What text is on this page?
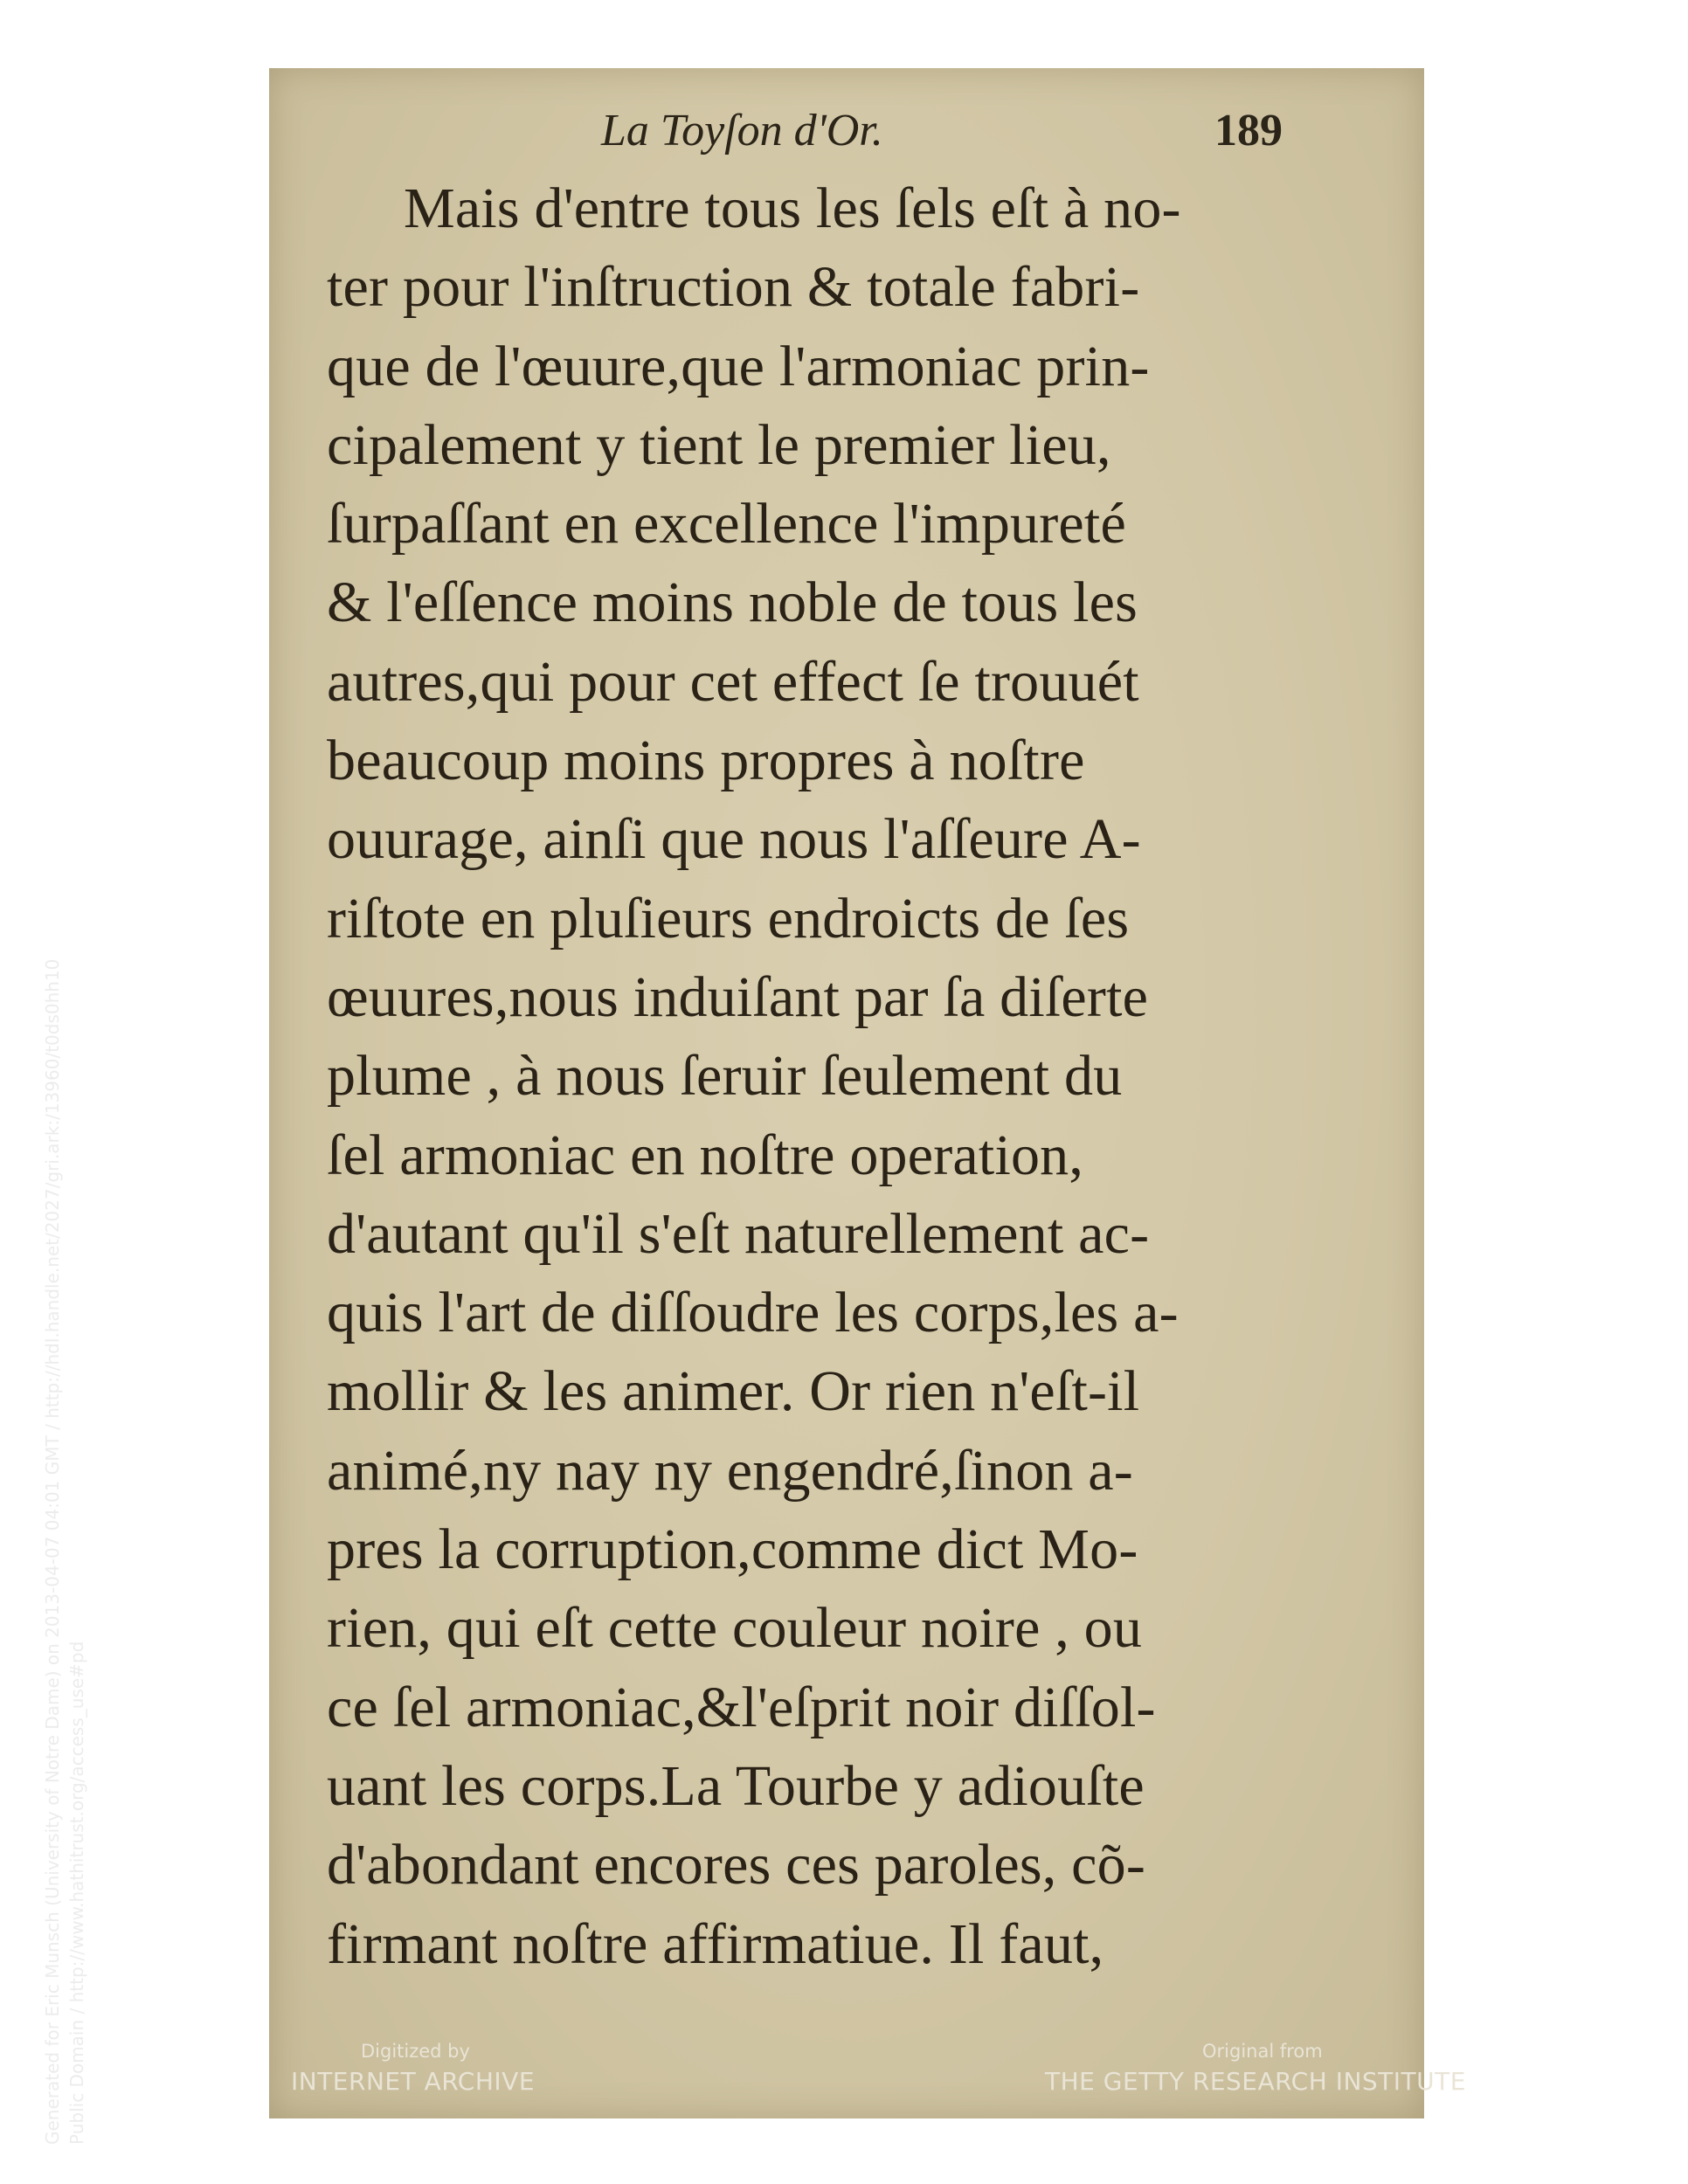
Generated for Eric Munsch (University of Notre Dame) on 2013-04-07 04:01 GMT / http://hdl.handle.net/2027/gri.ark:/13960/t0ds0hh10 Public Domain / http://www.hathitrust.org/access_use#pd
La Toyſon d'Or.	189
Mais d'entre tous les ſels eſt à no-
ter pour l'inſtruction & totale fabri-
que de l'œuure,que l'armoniac prin-
cipalement y tient le premier lieu,
ſurpaſſant en excellence l'impureté
& l'eſſence moins noble de tous les
autres,qui pour cet effect ſe trouuét
beaucoup moins propres à noſtre
ouurage, ainſi que nous l'aſſeure A-
riſtote en pluſieurs endroicts de ſes
œuures,nous induiſant par ſa diſerte
plume , à nous ſeruir ſeulement du
ſel armoniac en noſtre operation,
d'autant qu'il s'eſt naturellement ac-
quis l'art de diſſoudre les corps,les a-
mollir & les animer. Or rien n'eſt-il
animé,ny nay ny engendré,ſinon a-
pres la corruption,comme dict Mo-
rien, qui eſt cette couleur noire , ou
ce ſel armoniac,&l'eſprit noir diſſol-
uant les corps.La Tourbe y adiouſte
d'abondant encores ces paroles, cõ-
firmant noſtre affirmatiue. Il faut,
Digitized by
INTERNET ARCHIVE
Original from
THE GETTY RESEARCH INSTITUTE
